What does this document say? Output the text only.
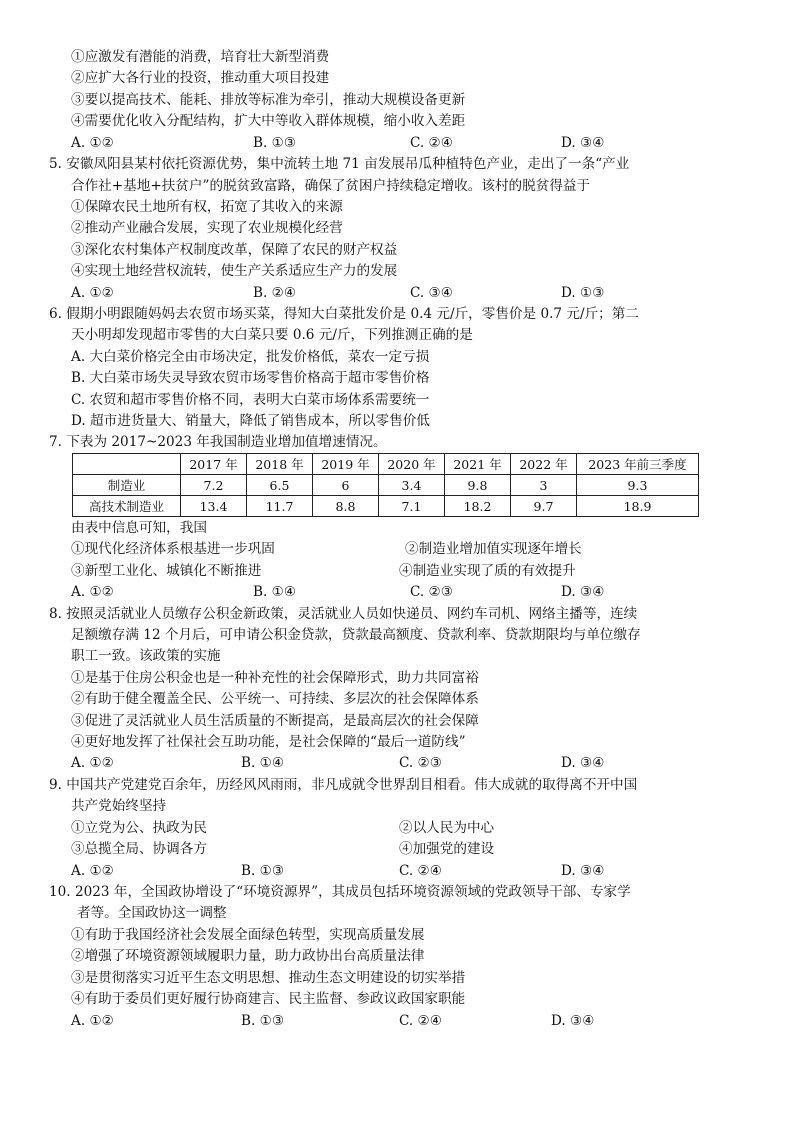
①应激发有潜能的消费，培育壮大新型消费
②应扩大各行业的投资，推动重大项目投建
③要以提高技术、能耗、排放等标准为牵引，推动大规模设备更新
④需要优化收入分配结构，扩大中等收入群体规模，缩小收入差距
A. ①②	B. ①③	C. ②④	D. ③④
5. 安徽凤阳县某村依托资源优势，集中流转土地 71 亩发展吊瓜种植特色产业，走出了一条“产业
合作社+基地+扶贫户”的脱贫致富路，确保了贫困户持续稳定增收。该村的脱贫得益于
①保障农民土地所有权，拓宽了其收入的来源
②推动产业融合发展，实现了农业规模化经营
③深化农村集体产权制度改革，保障了农民的财产权益
④实现土地经营权流转，使生产关系适应生产力的发展
A. ①②	B. ②④	C. ③④	D. ①③
6. 假期小明跟随妈妈去农贸市场买菜，得知大白菜批发价是 0.4 元/斤，零售价是 0.7 元/斤；第二
天小明却发现超市零售的大白菜只要 0.6 元/斤，下列推测正确的是
A. 大白菜价格完全由市场决定，批发价格低，菜农一定亏损
B. 大白菜市场失灵导致农贸市场零售价格高于超市零售价格
C. 农贸和超市零售价格不同，表明大白菜市场体系需要统一
D. 超市进货量大、销量大，降低了销售成本，所以零售价低
7. 下表为 2017~2023 年我国制造业增加值增速情况。
	2017 年	2018 年	2019 年	2020 年	2021 年	2022 年	2023 年前三季度
制造业	7.2	6.5	6	3.4	9.8	3	9.3
高技术制造业	13.4	11.7	8.8	7.1	18.2	9.7	18.9
由表中信息可知，我国
①现代化经济体系根基进一步巩固	②制造业增加值实现逐年增长
③新型工业化、城镇化不断推进	④制造业实现了质的有效提升
A. ①②	B. ①④	C. ②③	D. ③④
8. 按照灵活就业人员缴存公积金新政策，灵活就业人员如快递员、网约车司机、网络主播等，连续
足额缴存满 12 个月后，可申请公积金贷款，贷款最高额度、贷款利率、贷款期限均与单位缴存
职工一致。该政策的实施
①是基于住房公积金也是一种补充性的社会保障形式，助力共同富裕
②有助于健全覆盖全民、公平统一、可持续、多层次的社会保障体系
③促进了灵活就业人员生活质量的不断提高，是最高层次的社会保障
④更好地发挥了社保社会互助功能，是社会保障的“最后一道防线”
A. ①②	B. ①④	C. ②③	D. ③④
9. 中国共产党建党百余年，历经风风雨雨，非凡成就令世界刮目相看。伟大成就的取得离不开中国
共产党始终坚持
①立党为公、执政为民	②以人民为中心
③总揽全局、协调各方	④加强党的建设
A. ①②	B. ①③	C. ②④	D. ③④
10. 2023 年，全国政协增设了“环境资源界”，其成员包括环境资源领域的党政领导干部、专家学
者等。全国政协这一调整
①有助于我国经济社会发展全面绿色转型，实现高质量发展
②增强了环境资源领域履职力量，助力政协出台高质量法律
③是贯彻落实习近平生态文明思想、推动生态文明建设的切实举措
④有助于委员们更好履行协商建言、民主监督、参政议政国家职能
A. ①②	B. ①③	C. ②④	D. ③④
